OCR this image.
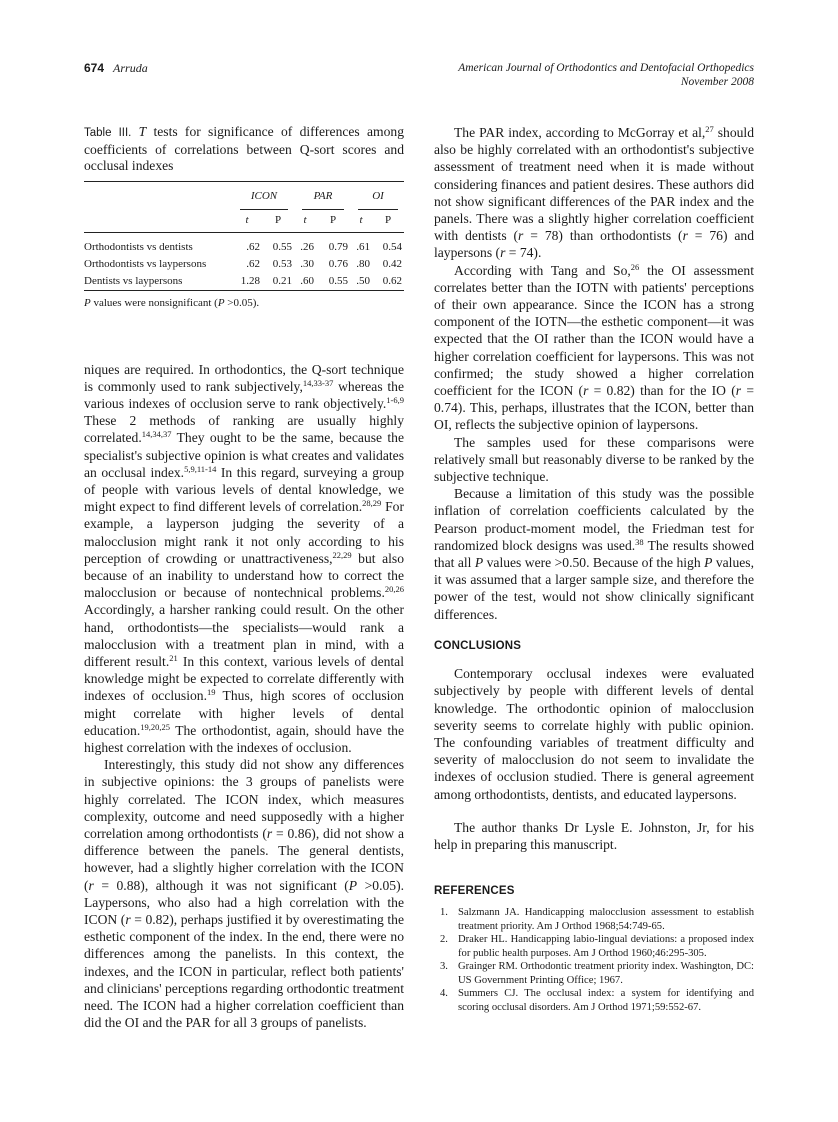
674 Arruda	American Journal of Orthodontics and Dentofacial Orthopedics
November 2008

Table III. T tests for significance of differences among coefficients of correlations between Q-sort scores and occlusal indexes

	ICON		PAR		OI	

	t	P	t	P	t	P

Orthodontists vs dentists	.62	0.55	.26	0.79	.61	0.54
Orthodontists vs laypersons	.62	0.53	.30	0.76	.80	0.42
Dentists vs laypersons	1.28	0.21	.60	0.55	.50	0.62

P values were nonsignificant (P >0.05).

niques are required. In orthodontics, the Q-sort technique is commonly used to rank subjectively,$^{14,33-37}$ whereas the various indexes of occlusion serve to rank objectively.$^{1-6,9}$ These 2 methods of ranking are usually highly correlated.$^{14,34,37}$ They ought to be the same, because the specialist's subjective opinion is what creates and validates an occlusal index.$^{5,9,11-14}$ In this regard, surveying a group of people with various levels of dental knowledge, we might expect to find different levels of correlation.$^{28,29}$ For example, a layperson judging the severity of a malocclusion might rank it not only according to his perception of crowding or unattractiveness,$^{22,29}$ but also because of an inability to understand how to correct the malocclusion or because of nontechnical problems.$^{20,26}$ Accordingly, a harsher ranking could result. On the other hand, orthodontists—the specialists—would rank a malocclusion with a treatment plan in mind, with a different result.$^{21}$ In this context, various levels of dental knowledge might be expected to correlate differently with indexes of occlusion.$^{19}$ Thus, high scores of occlusion might correlate with higher levels of dental education.$^{19,20,25}$ The orthodontist, again, should have the highest correlation with the indexes of occlusion.

Interestingly, this study did not show any differences in subjective opinions: the 3 groups of panelists were highly correlated. The ICON index, which measures complexity, outcome and need supposedly with a higher correlation among orthodontists (r = 0.86), did not show a difference between the panels. The general dentists, however, had a slightly higher correlation with the ICON (r = 0.88), although it was not significant (P >0.05). Laypersons, who also had a high correlation with the ICON (r = 0.82), perhaps justified it by overestimating the esthetic component of the index. In the end, there were no differences among the panelists. In this context, the indexes, and the ICON in particular, reflect both patients' and clinicians' perceptions regarding orthodontic treatment need. The ICON had a higher correlation coefficient than did the OI and the PAR for all 3 groups of panelists.

The PAR index, according to McGorray et al,$^{27}$ should also be highly correlated with an orthodontist's subjective assessment of treatment need when it is made without considering finances and patient desires. These authors did not show significant differences of the PAR index and the panels. There was a slightly higher correlation coefficient with dentists (r = 78) than orthodontists (r = 76) and laypersons (r = 74).

According with Tang and So,$^{26}$ the OI assessment correlates better than the IOTN with patients' perceptions of their own appearance. Since the ICON has a strong component of the IOTN—the esthetic component—it was expected that the OI rather than the ICON would have a higher correlation coefficient for laypersons. This was not confirmed; the study showed a higher correlation coefficient for the ICON (r = 0.82) than for the IO (r = 0.74). This, perhaps, illustrates that the ICON, better than OI, reflects the subjective opinion of laypersons.

The samples used for these comparisons were relatively small but reasonably diverse to be ranked by the subjective technique.

Because a limitation of this study was the possible inflation of correlation coefficients calculated by the Pearson product-moment model, the Friedman test for randomized block designs was used.$^{38}$ The results showed that all P values were >0.50. Because of the high P values, it was assumed that a larger sample size, and therefore the power of the test, would not show clinically significant differences.

CONCLUSIONS

Contemporary occlusal indexes were evaluated subjectively by people with different levels of dental knowledge. The orthodontic opinion of malocclusion severity seems to correlate highly with public opinion. The confounding variables of treatment difficulty and severity of malocclusion do not seem to invalidate the indexes of occlusion studied. There is general agreement among orthodontists, dentists, and educated laypersons.

The author thanks Dr Lysle E. Johnston, Jr, for his help in preparing this manuscript.

REFERENCES
1. Salzmann JA. Handicapping malocclusion assessment to establish treatment priority. Am J Orthod 1968;54:749-65.
2. Draker HL. Handicapping labio-lingual deviations: a proposed index for public health purposes. Am J Orthod 1960;46:295-305.
3. Grainger RM. Orthodontic treatment priority index. Washington, DC: US Government Printing Office; 1967.
4. Summers CJ. The occlusal index: a system for identifying and scoring occlusal disorders. Am J Orthod 1971;59:552-67.
